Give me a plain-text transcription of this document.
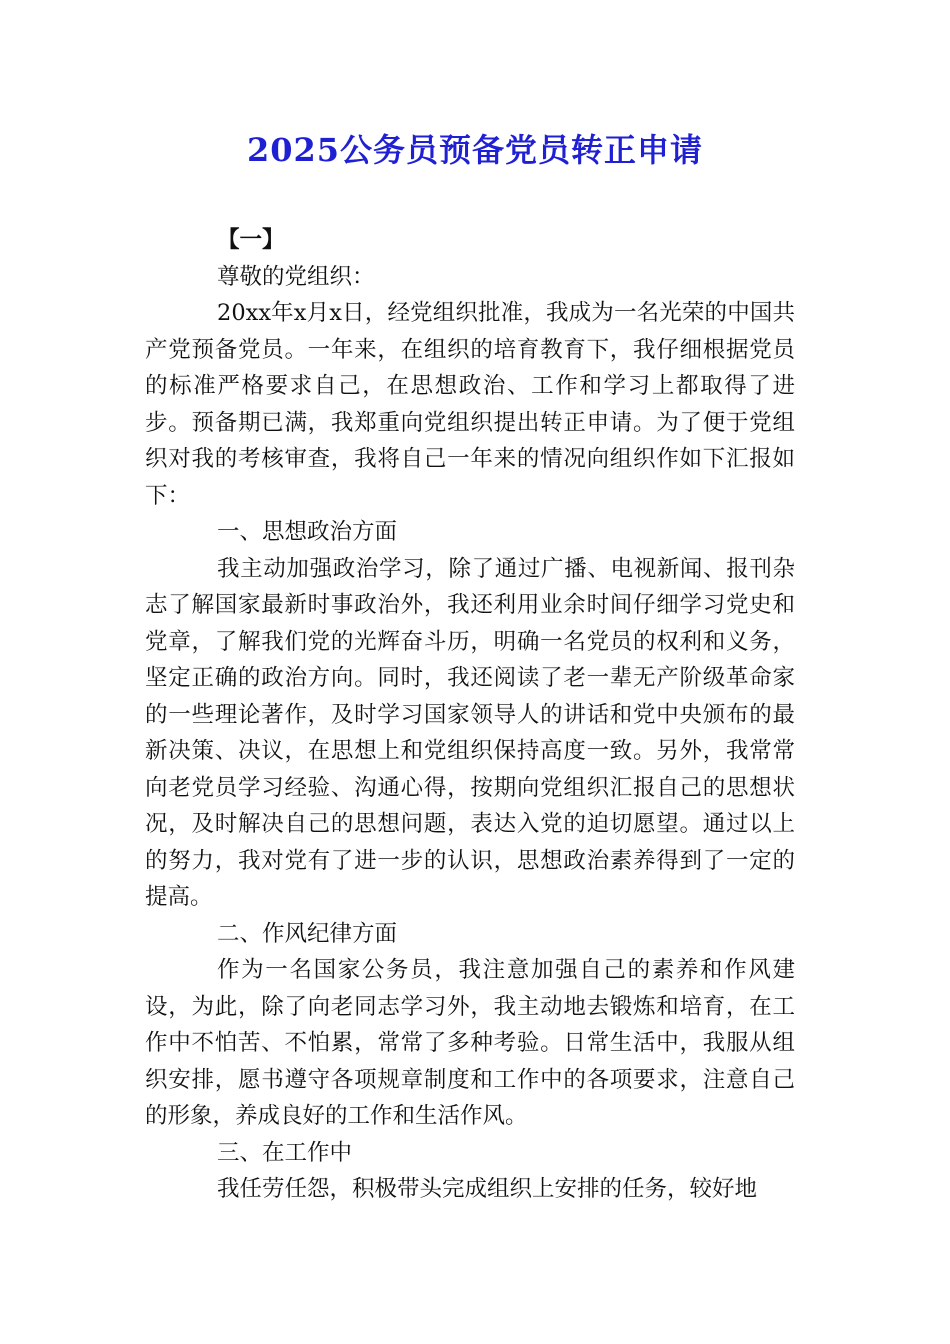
2025公务员预备党员转正申请

【一】

尊敬的党组织：

20xx年x月x日，经党组织批准，我成为一名光荣的中国共产党预备党员。一年来，在组织的培育教育下，我仔细根据党员的标准严格要求自己，在思想政治、工作和学习上都取得了进步。预备期已满，我郑重向党组织提出转正申请。为了便于党组织对我的考核审查，我将自己一年来的情况向组织作如下汇报如下：

一、思想政治方面

我主动加强政治学习，除了通过广播、电视新闻、报刊杂志了解国家最新时事政治外，我还利用业余时间仔细学习党史和党章，了解我们党的光辉奋斗历，明确一名党员的权利和义务，坚定正确的政治方向。同时，我还阅读了老一辈无产阶级革命家的一些理论著作，及时学习国家领导人的讲话和党中央颁布的最新决策、决议，在思想上和党组织保持高度一致。另外，我常常向老党员学习经验、沟通心得，按期向党组织汇报自己的思想状况，及时解决自己的思想问题，表达入党的迫切愿望。通过以上的努力，我对党有了进一步的认识，思想政治素养得到了一定的提高。

二、作风纪律方面

作为一名国家公务员，我注意加强自己的素养和作风建设，为此，除了向老同志学习外，我主动地去锻炼和培育，在工作中不怕苦、不怕累，常常了多种考验。日常生活中，我服从组织安排，愿书遵守各项规章制度和工作中的各项要求，注意自己的形象，养成良好的工作和生活作风。

三、在工作中

我任劳任怨，积极带头完成组织上安排的任务，较好地
